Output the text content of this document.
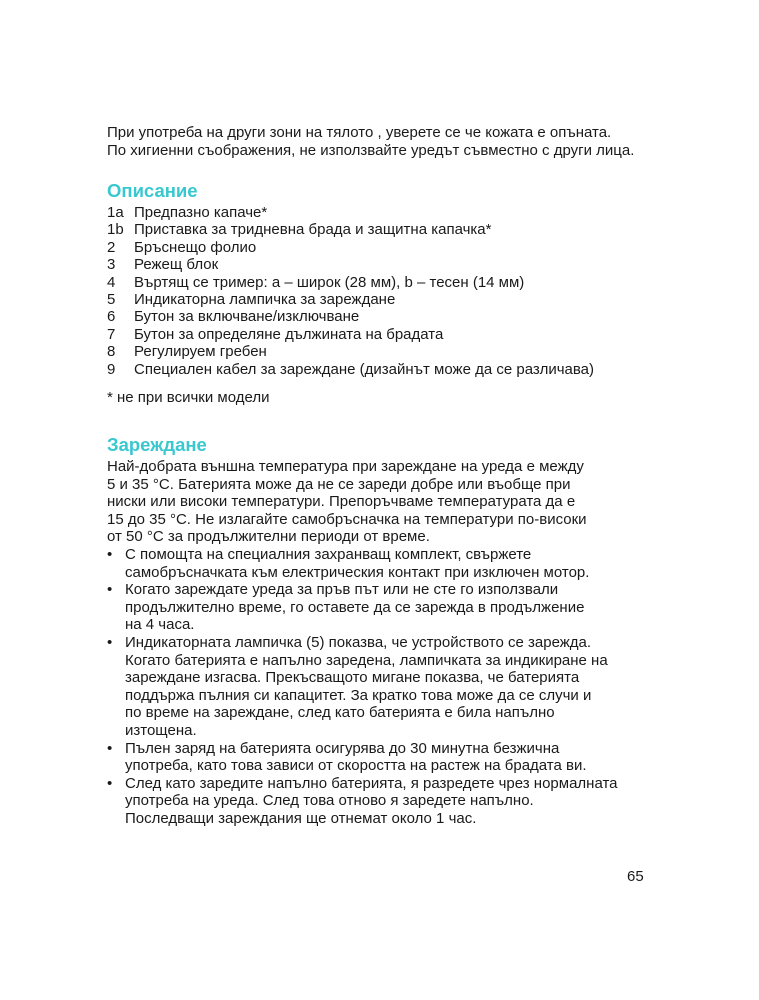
При употреба на други зони на тялото , уверете се че кожата е опъната.

По хигиенни съображения, не използвайте уредът съвместно с други лица.

Описание
1a Предпазно капаче*
1b Приставка за тридневна брада и защитна капачка*
2	Бръснещо фолио
3	Режещ блок
4	Въртящ се тример: a – широк (28 мм), b – тесен (14 мм)
5	Индикаторна лампичка за зареждане
6	Бутон за включване/изключване
7	Бутон за определяне дължината на брадата
8	Регулируем гребен
9	Специален кабел за зареждане (дизайнът може да се различава)

* не при всички модели

Зареждане

Най-добрата външна температура при зареждане на уреда е между

5 и 35 °C. Батерията може да не се зареди добре или въобще при

ниски или високи температури. Препоръчваме температурата да е

15 до 35 °C. Не излагайте самобръсначка на температури по-високи

от 50 °C за продължителни периоди от време.

• С помощта на специалния захранващ комплект, свържете

самобръсначката към електрическия контакт при изключен мотор.

• Когато зареждате уреда за пръв път или не сте го използвали

продължително време, го оставете да се зарежда в продължение

на 4 часа.

• Индикаторната лампичка (5) показва, че устройството се зарежда.

Когато батерията е напълно заредена, лампичката за индикиране на

зареждане изгасва. Прекъсващото мигане показва, че батерията

поддържа пълния си капацитет. За кратко това може да се случи и

по време на зареждане, след като батерията е била напълно

изтощена.

• Пълен заряд на батерията осигурява до 30 минутна безжична

употреба, като това зависи от скоростта на растеж на брадата ви.

• След като заредите напълно батерията, я разредете чрез нормалната

употреба на уреда. След това отново я заредете напълно.

Последващи зареждания ще отнемат около 1 час.

65
